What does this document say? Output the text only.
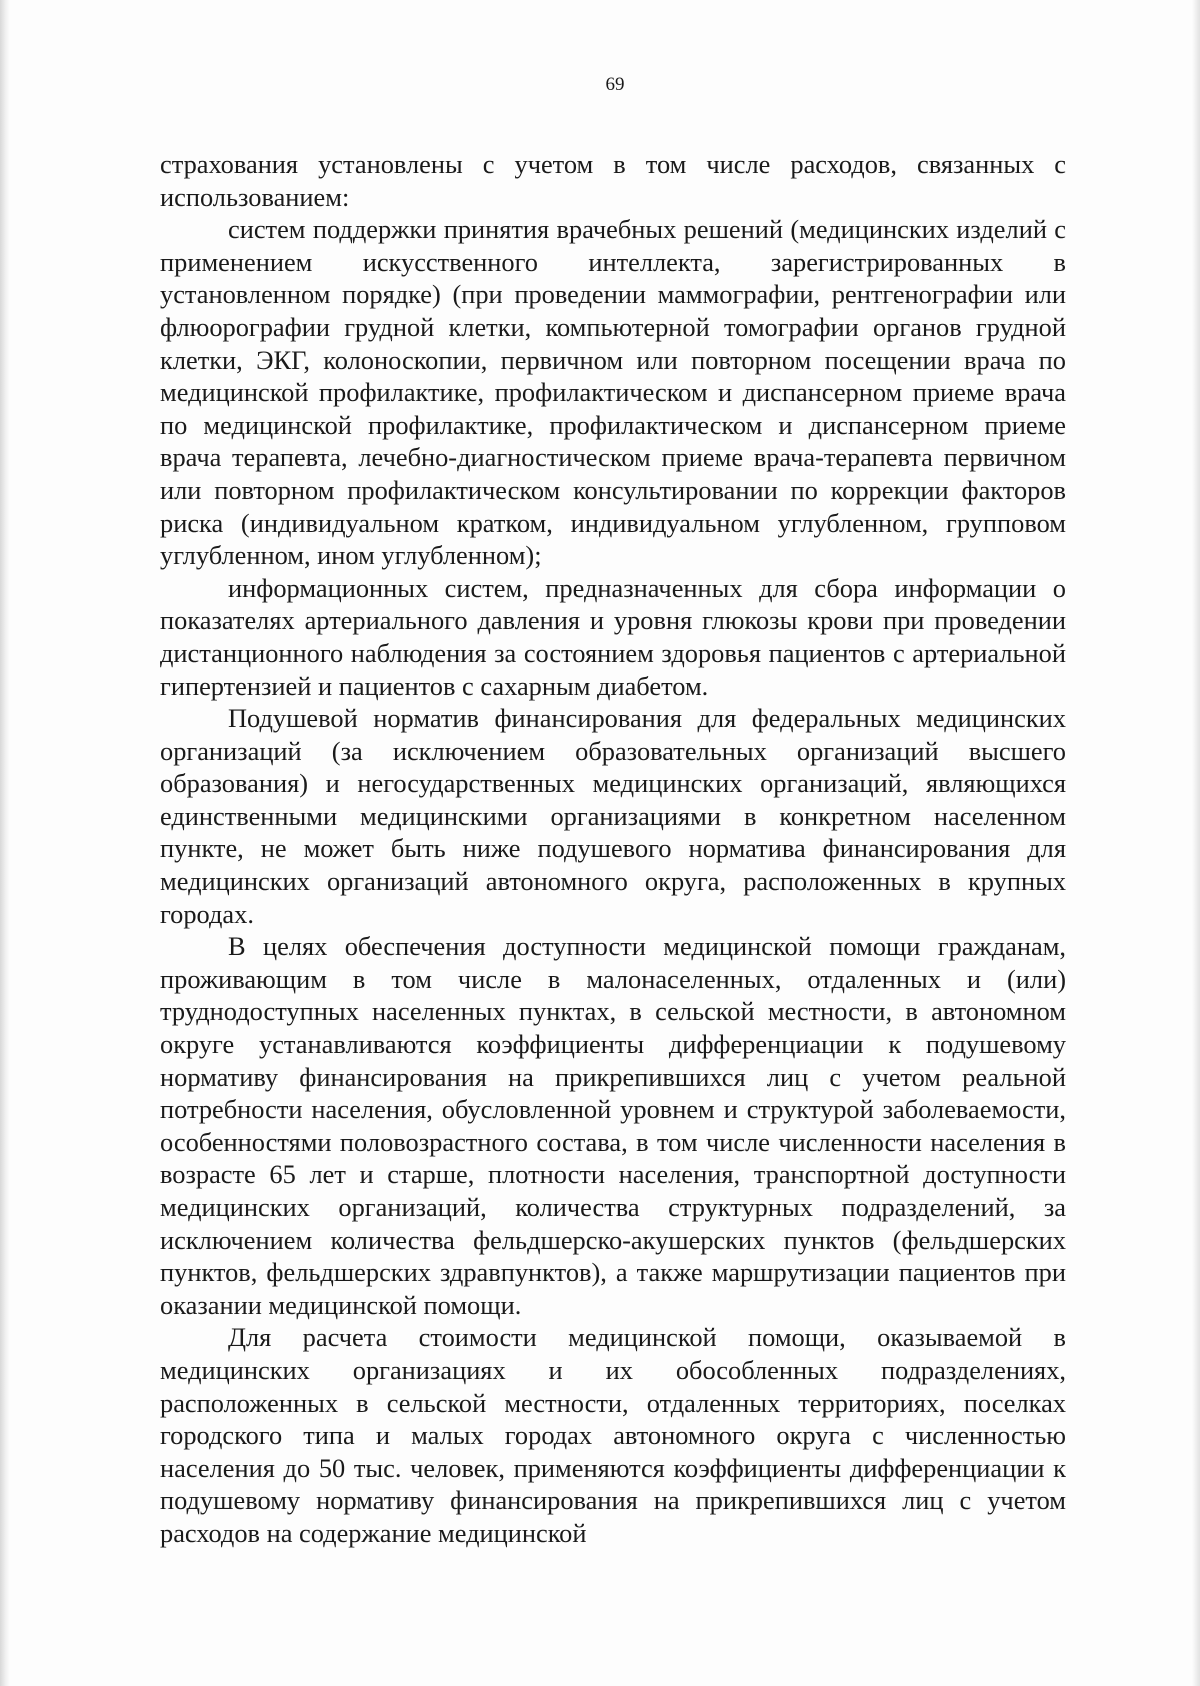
69

страхования установлены с учетом в том числе расходов, связанных с использованием:

систем поддержки принятия врачебных решений (медицинских изделий с применением искусственного интеллекта, зарегистрированных в установленном порядке) (при проведении маммографии, рентгенографии или флюорографии грудной клетки, компьютерной томографии органов грудной клетки, ЭКГ, колоноскопии, первичном или повторном посещении врача по медицинской профилактике, профилактическом и диспансерном приеме врача по медицинской профилактике, профилактическом и диспансерном приеме врача терапевта, лечебно-диагностическом приеме врача-терапевта первичном или повторном профилактическом консультировании по коррекции факторов риска (индивидуальном кратком, индивидуальном углубленном, групповом углубленном, ином углубленном);

информационных систем, предназначенных для сбора информации о показателях артериального давления и уровня глюкозы крови при проведении дистанционного наблюдения за состоянием здоровья пациентов с артериальной гипертензией и пациентов с сахарным диабетом.

Подушевой норматив финансирования для федеральных медицинских организаций (за исключением образовательных организаций высшего образования) и негосударственных медицинских организаций, являющихся единственными медицинскими организациями в конкретном населенном пункте, не может быть ниже подушевого норматива финансирования для медицинских организаций автономного округа, расположенных в крупных городах.

В целях обеспечения доступности медицинской помощи гражданам, проживающим в том числе в малонаселенных, отдаленных и (или) труднодоступных населенных пунктах, в сельской местности, в автономном округе устанавливаются коэффициенты дифференциации к подушевому нормативу финансирования на прикрепившихся лиц с учетом реальной потребности населения, обусловленной уровнем и структурой заболеваемости, особенностями половозрастного состава, в том числе численности населения в возрасте 65 лет и старше, плотности населения, транспортной доступности медицинских организаций, количества структурных подразделений, за исключением количества фельдшерско-акушерских пунктов (фельдшерских пунктов, фельдшерских здравпунктов), а также маршрутизации пациентов при оказании медицинской помощи.

Для расчета стоимости медицинской помощи, оказываемой в медицинских организациях и их обособленных подразделениях, расположенных в сельской местности, отдаленных территориях, поселках городского типа и малых городах автономного округа с численностью населения до 50 тыс. человек, применяются коэффициенты дифференциации к подушевому нормативу финансирования на прикрепившихся лиц с учетом расходов на содержание медицинской
